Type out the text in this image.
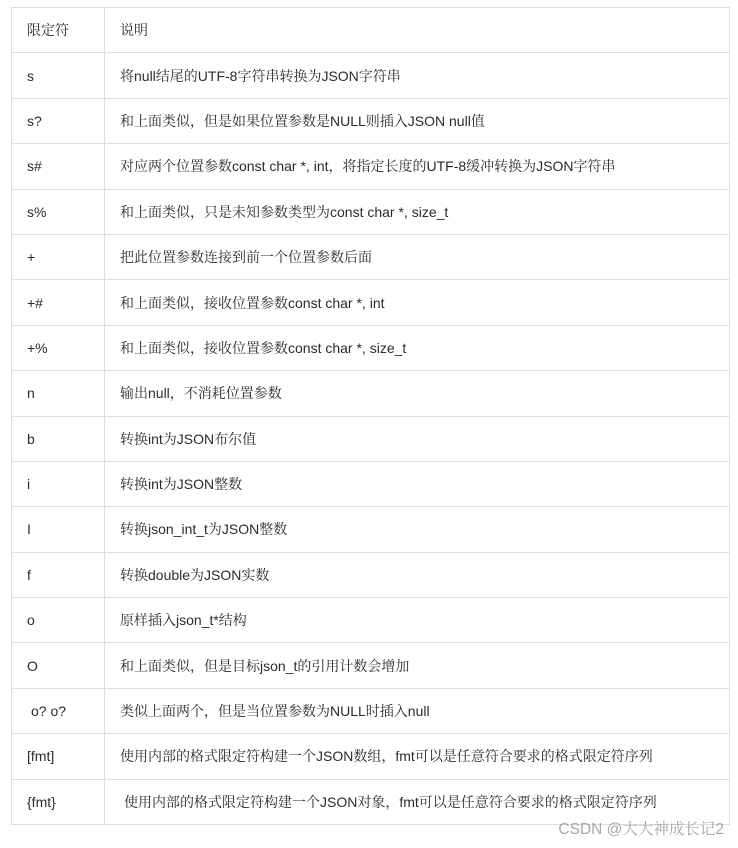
限定符	说明
s	将null结尾的UTF-8字符串转换为JSON字符串
s?	和上面类似，但是如果位置参数是NULL则插入JSON null值
s#	对应两个位置参数const char *, int，将指定长度的UTF-8缓冲转换为JSON字符串
s%	和上面类似，只是未知参数类型为const char *, size_t
+	把此位置参数连接到前一个位置参数后面
+#	和上面类似，接收位置参数const char *, int
+%	和上面类似，接收位置参数const char *, size_t
n	输出null，不消耗位置参数
b	转换int为JSON布尔值
i	转换int为JSON整数
I	转换json_int_t为JSON整数
f	转换double为JSON实数
o	原样插入json_t*结构
O	和上面类似，但是目标json_t的引用计数会增加
o? o?	类似上面两个，但是当位置参数为NULL时插入null
[fmt]	使用内部的格式限定符构建一个JSON数组，fmt可以是任意符合要求的格式限定符序列
{fmt}	使用内部的格式限定符构建一个JSON对象，fmt可以是任意符合要求的格式限定符序列
CSDN @大大神成长记2
